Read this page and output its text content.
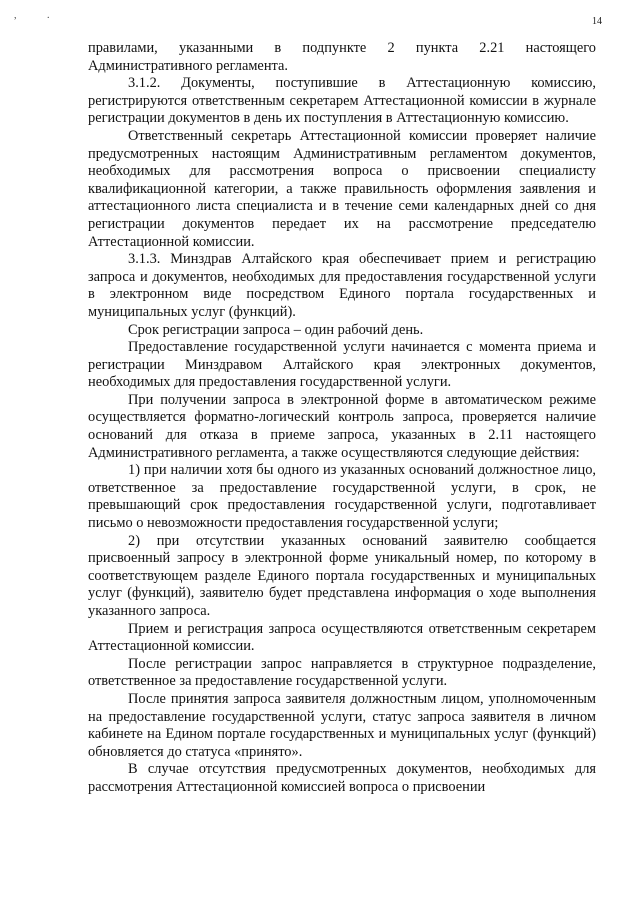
, .
14

правилами, указанными в подпункте 2 пункта 2.21 настоящего Административного регламента.

3.1.2. Документы, поступившие в Аттестационную комиссию, регистрируются ответственным секретарем Аттестационной комиссии в журнале регистрации документов в день их поступления в Аттестационную комиссию.

Ответственный секретарь Аттестационной комиссии проверяет наличие предусмотренных настоящим Административным регламентом документов, необходимых для рассмотрения вопроса о присвоении специалисту квалификационной категории, а также правильность оформления заявления и аттестационного листа специалиста и в течение семи календарных дней со дня регистрации документов передает их на рассмотрение председателю Аттестационной комиссии.

3.1.3. Минздрав Алтайского края обеспечивает прием и регистрацию запроса и документов, необходимых для предоставления государственной услуги в электронном виде посредством Единого портала государственных и муниципальных услуг (функций).

Срок регистрации запроса – один рабочий день.

Предоставление государственной услуги начинается с момента приема и регистрации Минздравом Алтайского края электронных документов, необходимых для предоставления государственной услуги.

При получении запроса в электронной форме в автоматическом режиме осуществляется форматно-логический контроль запроса, проверяется наличие оснований для отказа в приеме запроса, указанных в 2.11 настоящего Административного регламента, а также осуществляются следующие действия:

1) при наличии хотя бы одного из указанных оснований должностное лицо, ответственное за предоставление государственной услуги, в срок, не превышающий срок предоставления государственной услуги, подготавливает письмо о невозможности предоставления государственной услуги;

2) при отсутствии указанных оснований заявителю сообщается присвоенный запросу в электронной форме уникальный номер, по которому в соответствующем разделе Единого портала государственных и муниципальных услуг (функций), заявителю будет представлена информация о ходе выполнения указанного запроса.

Прием и регистрация запроса осуществляются ответственным секретарем Аттестационной комиссии.

После регистрации запрос направляется в структурное подразделение, ответственное за предоставление государственной услуги.

После принятия запроса заявителя должностным лицом, уполномоченным на предоставление государственной услуги, статус запроса заявителя в личном кабинете на Едином портале государственных и муниципальных услуг (функций) обновляется до статуса «принято».

В случае отсутствия предусмотренных документов, необходимых для рассмотрения Аттестационной комиссией вопроса о присвоении
